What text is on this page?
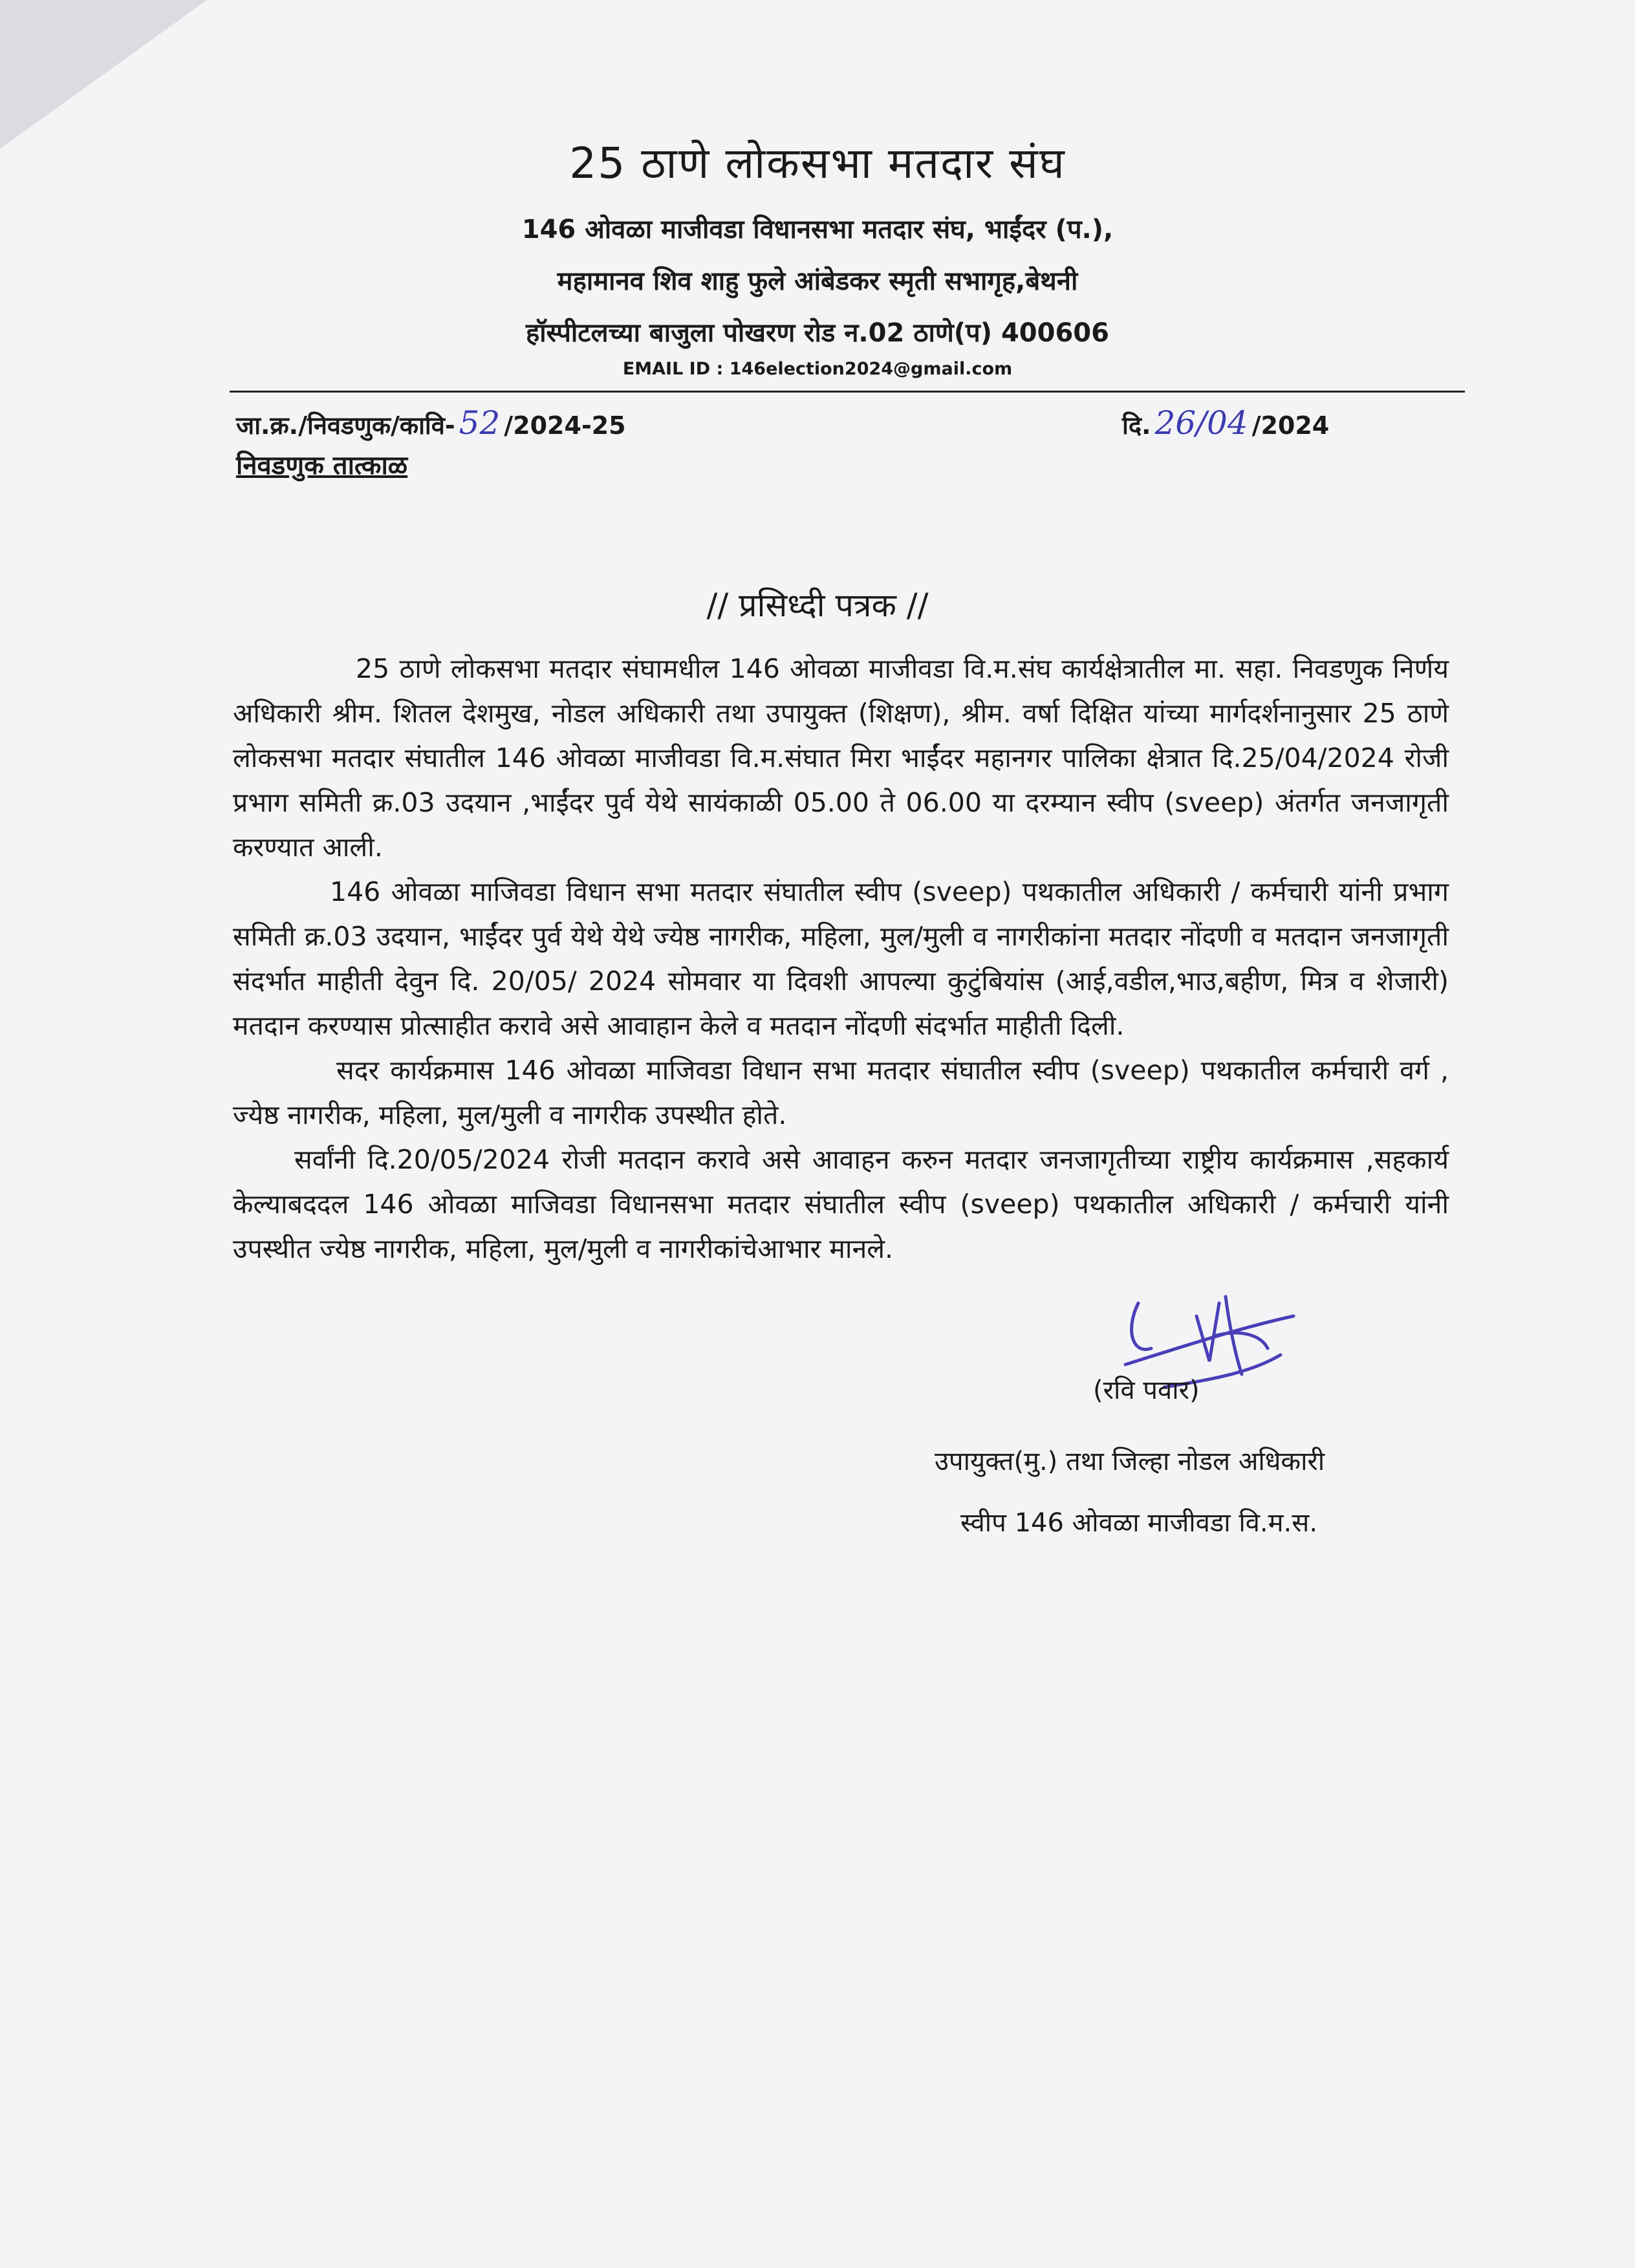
25 ठाणे लोकसभा मतदार संघ
146 ओवळा माजीवडा विधानसभा मतदार संघ, भाईंदर (प.),
महामानव शिव शाहु फुले आंबेडकर स्मृती सभागृह,बेथनी
हॉस्पीटलच्या बाजुला पोखरण रोड न.02 ठाणे(प) 400606
EMAIL ID : 146election2024@gmail.com
जा.क्र./निवडणुक/कावि- 52 /2024-25	दि. 26/04 /2024
निवडणुक तात्काळ
// प्रसिध्दी पत्रक //

25 ठाणे लोकसभा मतदार संघामधील 146 ओवळा माजीवडा वि.म.संघ कार्यक्षेत्रातील मा. सहा. निवडणुक निर्णय अधिकारी श्रीम. शितल देशमुख, नोडल अधिकारी तथा उपायुक्त (शिक्षण), श्रीम. वर्षा दिक्षित यांच्या मार्गदर्शनानुसार 25 ठाणे लोकसभा मतदार संघातील 146 ओवळा माजीवडा वि.म.संघात मिरा भाईंदर महानगर पालिका क्षेत्रात दि.25/04/2024 रोजी प्रभाग समिती क्र.03 उदयान ,भाईंदर पुर्व येथे सायंकाळी 05.00 ते 06.00 या दरम्यान स्वीप (sveep) अंतर्गत जनजागृती करण्यात आली.

146 ओवळा माजिवडा विधान सभा मतदार संघातील स्वीप (sveep) पथकातील अधिकारी / कर्मचारी यांनी प्रभाग समिती क्र.03 उदयान, भाईंदर पुर्व येथे येथे ज्येष्ठ नागरीक, महिला, मुल/मुली व नागरीकांना मतदार नोंदणी व मतदान जनजागृती संदर्भात माहीती देवुन दि. 20/05/ 2024 सोमवार या दिवशी आपल्या कुटुंबियांस (आई,वडील,भाउ,बहीण, मित्र व शेजारी) मतदान करण्यास प्रोत्साहीत करावे असे आवाहान केले व मतदान नोंदणी संदर्भात माहीती दिली.

सदर कार्यक्रमास 146 ओवळा माजिवडा विधान सभा मतदार संघातील स्वीप (sveep) पथकातील कर्मचारी वर्ग , ज्येष्ठ नागरीक, महिला, मुल/मुली व नागरीक उपस्थीत होते.

सर्वांनी दि.20/05/2024 रोजी मतदान करावे असे आवाहन करुन मतदार जनजागृतीच्या राष्ट्रीय कार्यक्रमास ,सहकार्य केल्याबददल 146 ओवळा माजिवडा विधानसभा मतदार संघातील स्वीप (sveep) पथकातील अधिकारी / कर्मचारी यांनी उपस्थीत ज्येष्ठ नागरीक, महिला, मुल/मुली व नागरीकांचेआभार मानले.

(रवि पवार)
उपायुक्त(मु.) तथा जिल्हा नोडल अधिकारी
स्वीप 146 ओवळा माजीवडा वि.म.स.
